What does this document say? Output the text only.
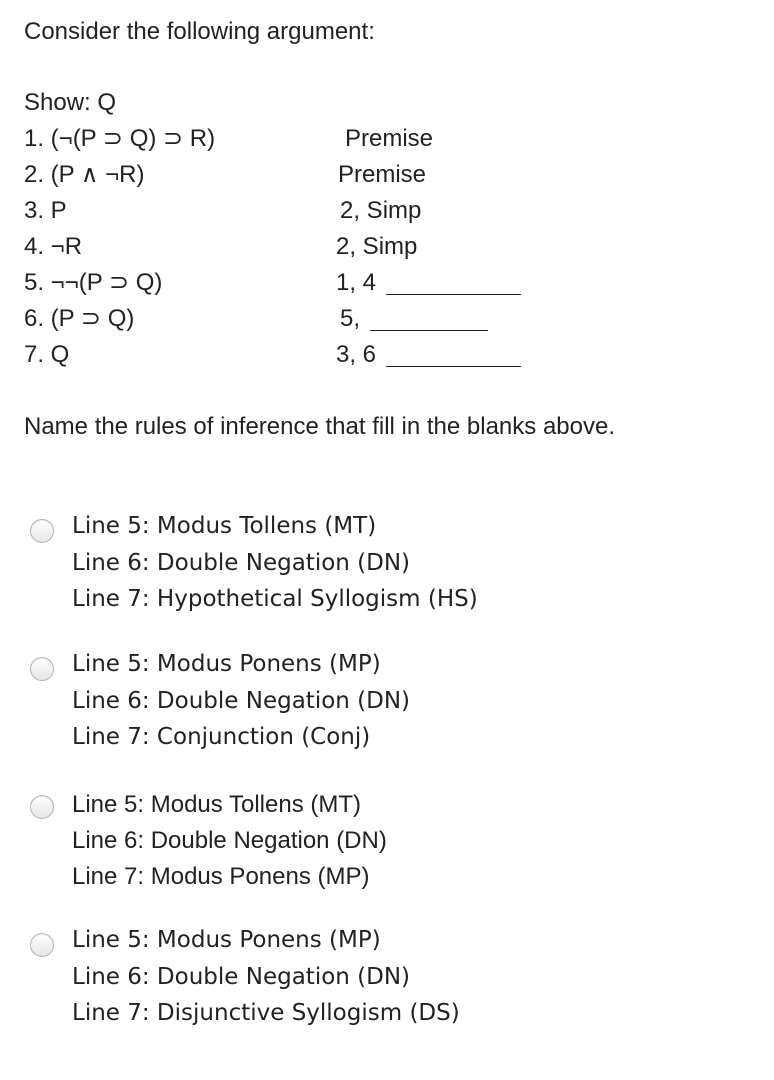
Consider the following argument:
Show: Q
1. (¬(P ⊃ Q) ⊃ R)	Premise
2. (P ∧ ¬R)	Premise
3. P	2, Simp
4. ¬R	2, Simp
5. ¬¬(P ⊃ Q)	1, 4
6. (P ⊃ Q)	5,
7. Q	3, 6
Name the rules of inference that fill in the blanks above.
Line 5: Modus Tollens (MT)
Line 6: Double Negation (DN)
Line 7: Hypothetical Syllogism (HS)
Line 5: Modus Ponens (MP)
Line 6: Double Negation (DN)
Line 7: Conjunction (Conj)
Line 5: Modus Tollens (MT)
Line 6: Double Negation (DN)
Line 7: Modus Ponens (MP)
Line 5: Modus Ponens (MP)
Line 6: Double Negation (DN)
Line 7: Disjunctive Syllogism (DS)
